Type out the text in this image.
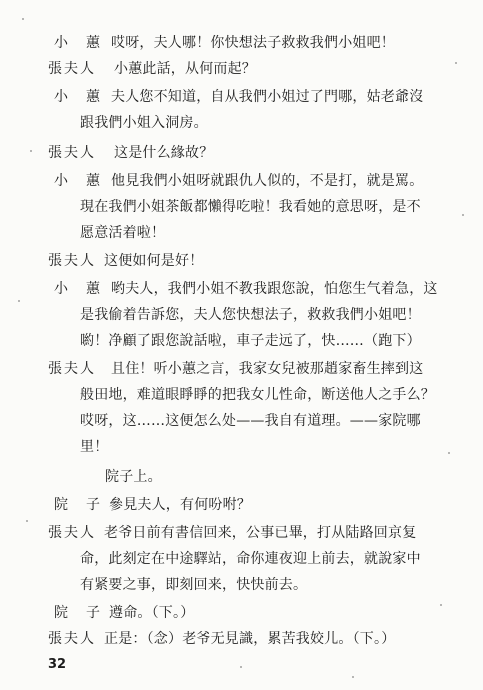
小 蕙 哎呀，夫人哪！你快想法子救救我們小姐吧！
張夫人 小蕙此話，从何而起？
小 蕙 夫人您不知道，自从我們小姐过了門哪，姑老爺沒
跟我們小姐入洞房。
張夫人 这是什么緣故？
小 蕙 他見我們小姐呀就跟仇人似的，不是打，就是罵。
現在我們小姐茶飯都懶得吃啦！我看她的意思呀，是不
愿意活着啦！
張夫人 这便如何是好！
小 蕙 哟夫人，我們小姐不教我跟您說，怕您生气着急，这
是我偷着告訴您，夫人您快想法子，救救我們小姐吧！
喲！净顧了跟您說話啦，車子走远了，快……（跑下）
張夫人 且住！听小蕙之言，我家女兒被那趙家畜生摔到这
般田地，难道眼睜睜的把我女儿性命，断送他人之手么？
哎呀，这……这便怎么处——我自有道理。——家院哪
里！
院子上。
院 子 參見夫人，有何吩咐？
張夫人 老爷日前有書信回来，公事已畢，打从陆路回京复
命，此刻定在中途驛站，命你連夜迎上前去，就說家中
有紧要之事，即刻回来，快快前去。
院 子 遵命。（下。）
張夫人 正是：（念）老爷无見識，累苦我姣儿。（下。）
32
